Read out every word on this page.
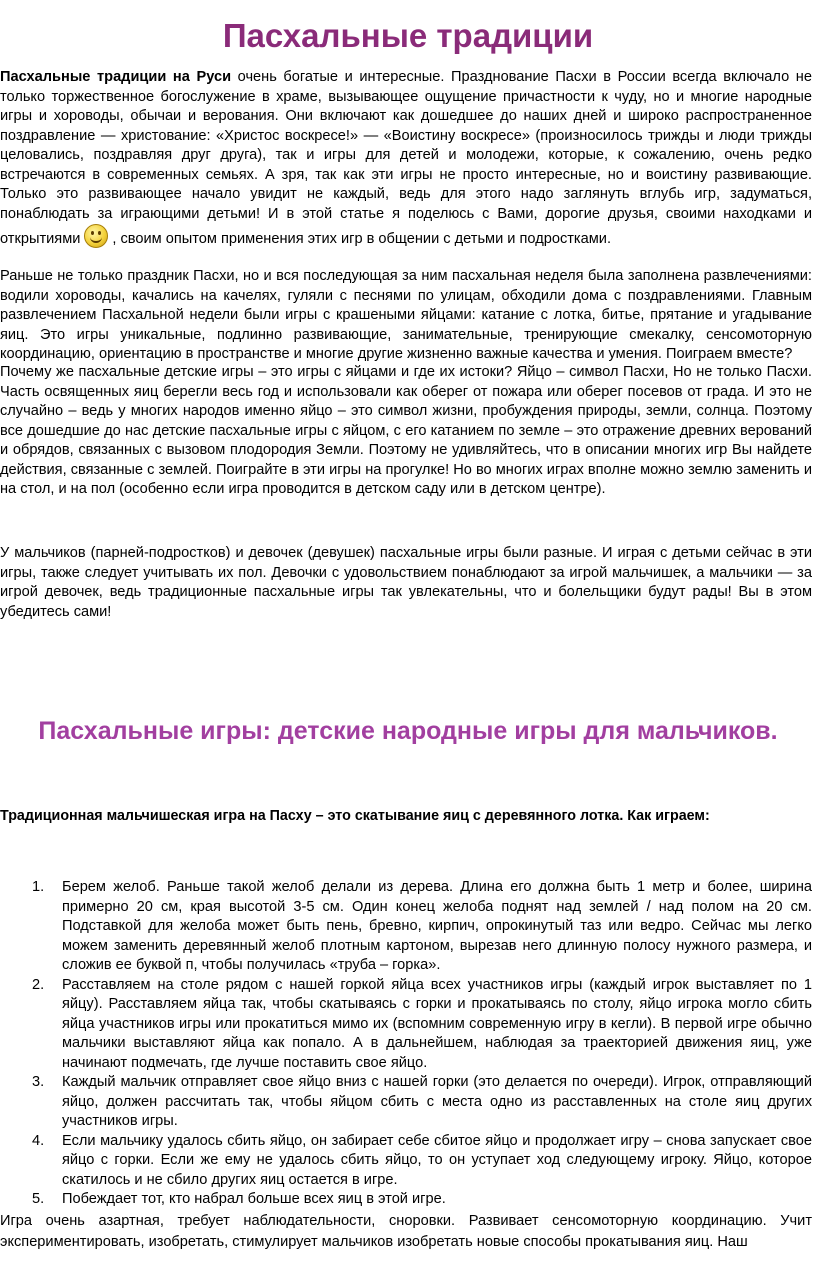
Пасхальные традиции

Пасхальные традиции на Руси очень богатые и интересные. Празднование Пасхи в России всегда включало не только торжественное богослужение в храме, вызывающее ощущение причастности к чуду, но и многие народные игры и хороводы, обычаи и верования. Они включают как дошедшее до наших дней и широко распространенное поздравление — христование: «Христос воскресе!» — «Воистину воскресе» (произносилось трижды и люди трижды целовались, поздравляя друг друга), так и игры для детей и молодежи, которые, к сожалению, очень редко встречаются в современных семьях. А зря, так как эти игры не просто интересные, но и воистину развивающие. Только это развивающее начало увидит не каждый, ведь для этого надо заглянуть вглубь игр, задуматься, понаблюдать за играющими детьми! И в этой статье я поделюсь с Вами, дорогие друзья, своими находками и открытиями , своим опытом применения этих игр в общении с детьми и подростками.

Раньше не только праздник Пасхи, но и вся последующая за ним пасхальная неделя была заполнена развлечениями: водили хороводы, качались на качелях, гуляли с песнями по улицам, обходили дома с поздравлениями. Главным развлечением Пасхальной недели были игры с крашеными яйцами: катание с лотка, битье, прятание и угадывание яиц. Это игры уникальные, подлинно развивающие, занимательные, тренирующие смекалку, сенсомоторную координацию, ориентацию в пространстве и многие другие жизненно важные качества и умения. Поиграем вместе?

Почему же пасхальные детские игры – это игры с яйцами и где их истоки? Яйцо – символ Пасхи, Но не только Пасхи. Часть освященных яиц берегли весь год и использовали как оберег от пожара или оберег посевов от града. И это не случайно – ведь у многих народов именно яйцо – это символ жизни, пробуждения природы, земли, солнца. Поэтому все дошедшие до нас детские пасхальные игры с яйцом, с его катанием по земле – это отражение древних верований и обрядов, связанных с вызовом плодородия Земли. Поэтому не удивляйтесь, что в описании многих игр Вы найдете действия, связанные с землей. Поиграйте в эти игры на прогулке! Но во многих играх вполне можно землю заменить и на стол, и на пол (особенно если игра проводится в детском саду или в детском центре).

У мальчиков (парней-подростков) и девочек (девушек) пасхальные игры были разные. И играя с детьми сейчас в эти игры, также следует учитывать их пол. Девочки с удовольствием понаблюдают за игрой мальчишек, а мальчики — за игрой девочек, ведь традиционные пасхальные игры так увлекательны, что и болельщики будут рады! Вы в этом убедитесь сами!

Пасхальные игры: детские народные игры для мальчиков.
Традиционная мальчишеская игра на Пасху – это скатывание яиц с деревянного лотка. Как играем:
1. Берем желоб. Раньше такой желоб делали из дерева. Длина его должна быть 1 метр и более, ширина примерно 20 см, края высотой 3-5 см. Один конец желоба поднят над землей / над полом на 20 см. Подставкой для желоба может быть пень, бревно, кирпич, опрокинутый таз или ведро. Сейчас мы легко можем заменить деревянный желоб плотным картоном, вырезав него длинную полосу нужного размера, и сложив ее буквой п, чтобы получилась «труба – горка».
2. Расставляем на столе рядом с нашей горкой яйца всех участников игры (каждый игрок выставляет по 1 яйцу). Расставляем яйца так, чтобы скатываясь с горки и прокатываясь по столу, яйцо игрока могло сбить яйца участников игры или прокатиться мимо их (вспомним современную игру в кегли). В первой игре обычно мальчики выставляют яйца как попало. А в дальнейшем, наблюдая за траекторией движения яиц, уже начинают подмечать, где лучше поставить свое яйцо.
3. Каждый мальчик отправляет свое яйцо вниз с нашей горки (это делается по очереди). Игрок, отправляющий яйцо, должен рассчитать так, чтобы яйцом сбить с места одно из расставленных на столе яиц других участников игры.
4. Если мальчику удалось сбить яйцо, он забирает себе сбитое яйцо и продолжает игру – снова запускает свое яйцо с горки. Если же ему не удалось сбить яйцо, то он уступает ход следующему игроку. Яйцо, которое скатилось и не сбило других яиц остается в игре.
5. Побеждает тот, кто набрал больше всех яиц в этой игре.

Игра очень азартная, требует наблюдательности, сноровки. Развивает сенсомоторную координацию. Учит экспериментировать, изобретать, стимулирует мальчиков изобретать новые способы прокатывания яиц. Наш
